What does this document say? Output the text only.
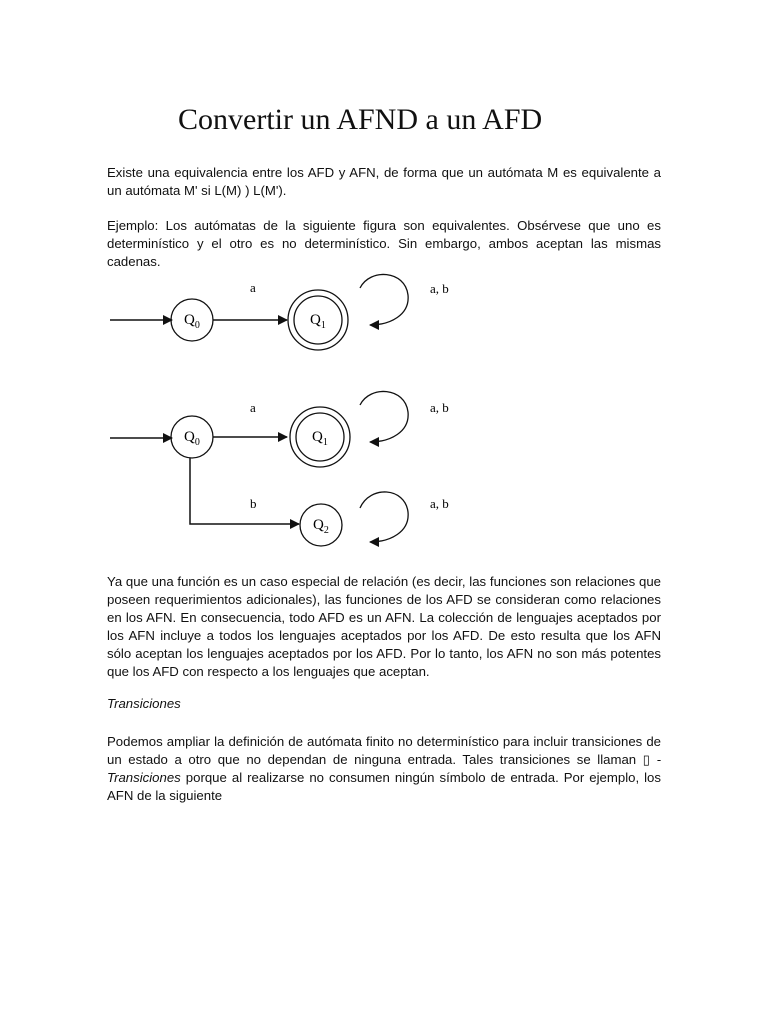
Convertir un AFND a un AFD

Existe una equivalencia entre los AFD y AFN, de forma que un autómata M es equivalente a un autómata M' si L(M) ) L(M').

Ejemplo: Los autómatas de la siguiente figura son equivalentes. Obsérvese que uno es determinístico y el otro es no determinístico. Sin embargo, ambos aceptan las mismas cadenas.

$Q_0$
a
$Q_1$
a, b
$Q_0$
a
$Q_1$
a, b
b
$Q_2$
a, b

Ya que una función es un caso especial de relación (es decir, las funciones son relaciones que poseen requerimientos adicionales), las funciones de los AFD se consideran como relaciones en los AFN. En consecuencia, todo AFD es un AFN. La colección de lenguajes aceptados por los AFN incluye a todos los lenguajes aceptados por los AFD. De esto resulta que los AFN sólo aceptan los lenguajes aceptados por los AFD. Por lo tanto, los AFN no son más potentes que los AFD con respecto a los lenguajes que aceptan.

Transiciones

Podemos ampliar la definición de autómata finito no determinístico para incluir transiciones de un estado a otro que no dependan de ninguna entrada. Tales transiciones se llaman ▯ -Transiciones porque al realizarse no consumen ningún símbolo de entrada. Por ejemplo, los AFN de la siguiente
